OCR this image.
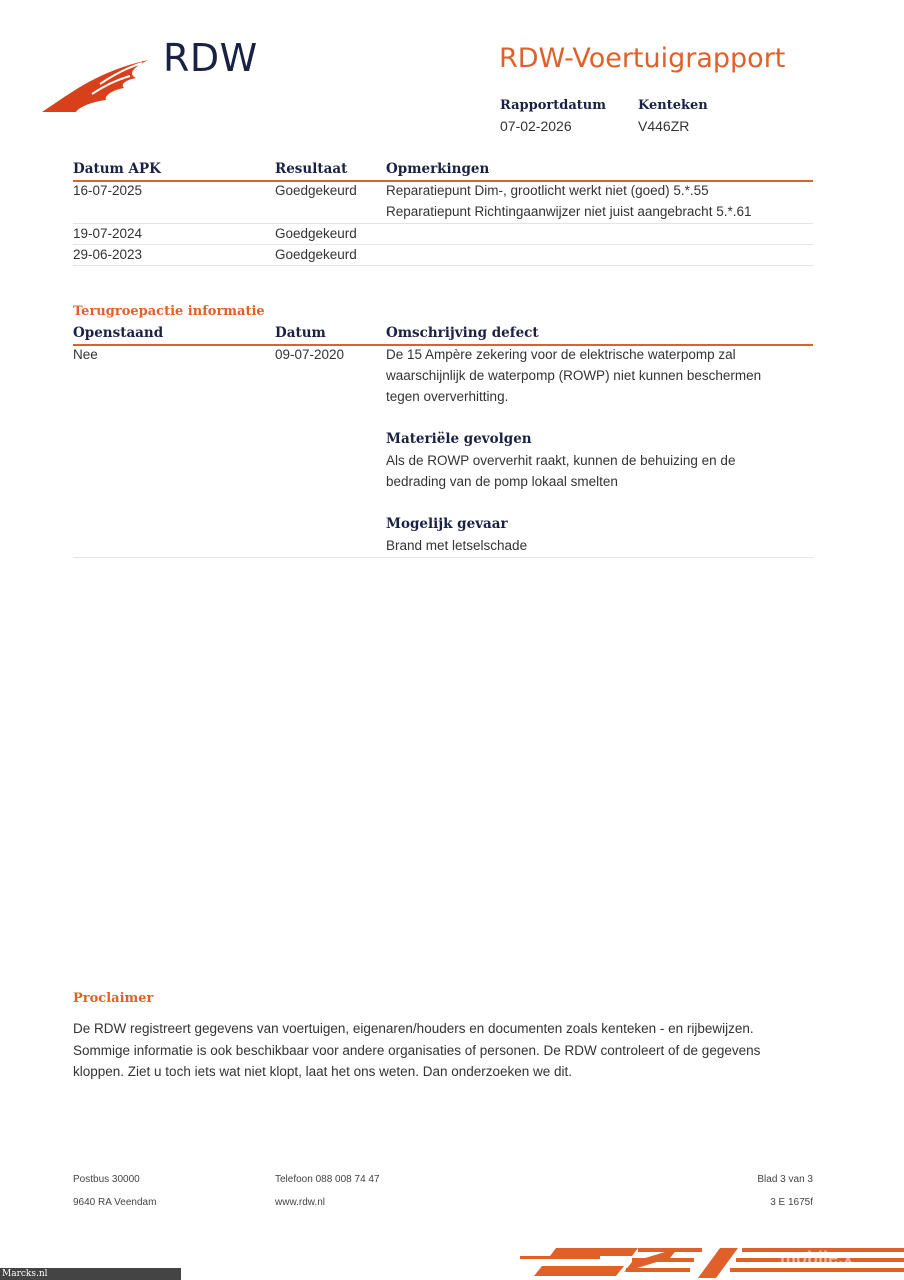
RDW	RDW-Voertuigrapport
Rapportdatum
07-02-2026
Kenteken
V446ZR
Datum APK	Resultaat	Opmerkingen
16-07-2025	Goedgekeurd Reparatiepunt Dim-, grootlicht werkt niet (goed) 5.*.55
Reparatiepunt Richtingaanwijzer niet juist aangebracht 5.*.61
19-07-2024	Goedgekeurd
29-06-2023	Goedgekeurd
Terugroepactie informatie
Openstaand	Datum	Omschrijving defect
Nee	09-07-2020	De 15 Ampère zekering voor de elektrische waterpomp zal
waarschijnlijk de waterpomp (ROWP) niet kunnen beschermen
tegen oververhitting.
Materiële gevolgen
Als de ROWP oververhit raakt, kunnen de behuizing en de
bedrading van de pomp lokaal smelten
Mogelijk gevaar
Brand met letselschade
Proclaimer
De RDW registreert gegevens van voertuigen, eigenaren/houders en documenten zoals kenteken - en rijbewijzen.
Sommige informatie is ook beschikbaar voor andere organisaties of personen. De RDW controleert of de gegevens
kloppen. Ziet u toch iets wat niet klopt, laat het ons weten. Dan onderzoeken we dit.
Postbus 30000
9640 RA Veendam
Telefoon 088 008 74 47
www.rdw.nl
Blad 3 van 3
3 E 1675f
mobile.x
Marcks.nl
